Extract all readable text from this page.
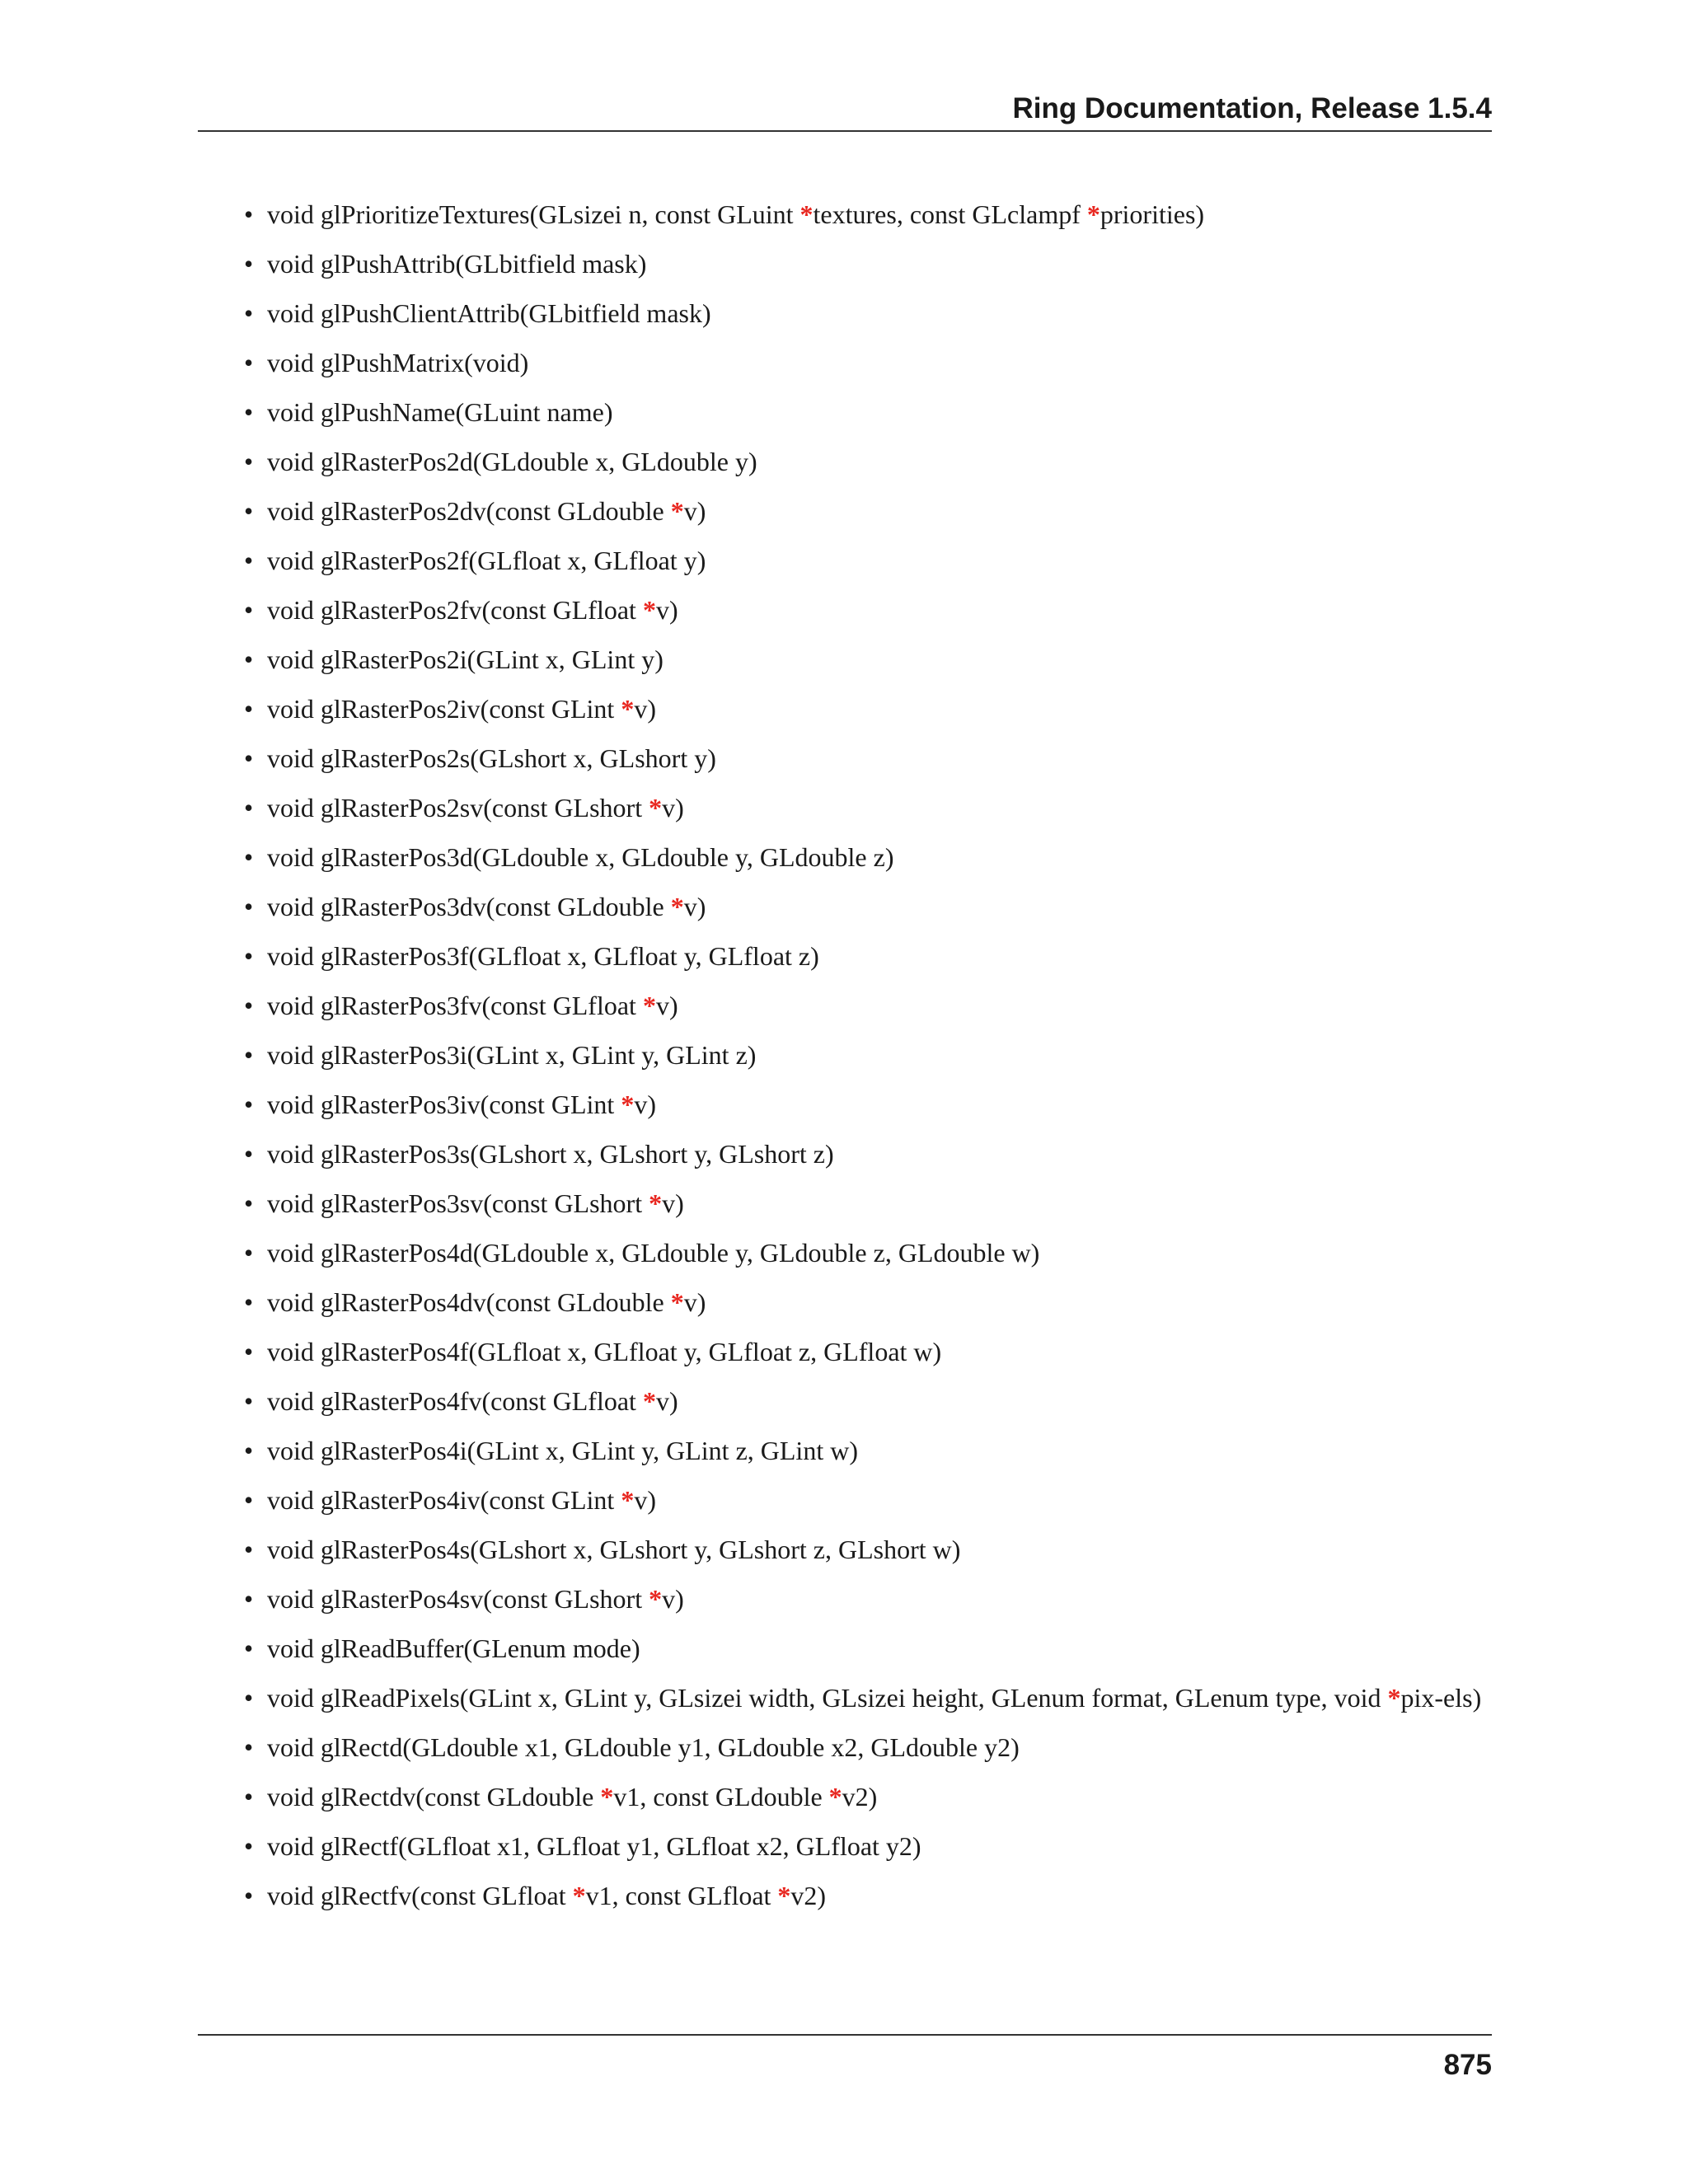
Ring Documentation, Release 1.5.4
• void glPrioritizeTextures(GLsizei n, const GLuint *textures, const GLclampf *priorities)
• void glPushAttrib(GLbitfield mask)
• void glPushClientAttrib(GLbitfield mask)
• void glPushMatrix(void)
• void glPushName(GLuint name)
• void glRasterPos2d(GLdouble x, GLdouble y)
• void glRasterPos2dv(const GLdouble *v)
• void glRasterPos2f(GLfloat x, GLfloat y)
• void glRasterPos2fv(const GLfloat *v)
• void glRasterPos2i(GLint x, GLint y)
• void glRasterPos2iv(const GLint *v)
• void glRasterPos2s(GLshort x, GLshort y)
• void glRasterPos2sv(const GLshort *v)
• void glRasterPos3d(GLdouble x, GLdouble y, GLdouble z)
• void glRasterPos3dv(const GLdouble *v)
• void glRasterPos3f(GLfloat x, GLfloat y, GLfloat z)
• void glRasterPos3fv(const GLfloat *v)
• void glRasterPos3i(GLint x, GLint y, GLint z)
• void glRasterPos3iv(const GLint *v)
• void glRasterPos3s(GLshort x, GLshort y, GLshort z)
• void glRasterPos3sv(const GLshort *v)
• void glRasterPos4d(GLdouble x, GLdouble y, GLdouble z, GLdouble w)
• void glRasterPos4dv(const GLdouble *v)
• void glRasterPos4f(GLfloat x, GLfloat y, GLfloat z, GLfloat w)
• void glRasterPos4fv(const GLfloat *v)
• void glRasterPos4i(GLint x, GLint y, GLint z, GLint w)
• void glRasterPos4iv(const GLint *v)
• void glRasterPos4s(GLshort x, GLshort y, GLshort z, GLshort w)
• void glRasterPos4sv(const GLshort *v)
• void glReadBuffer(GLenum mode)
• void glReadPixels(GLint x, GLint y, GLsizei width, GLsizei height, GLenum format, GLenum type, void *pix-els)
• void glRectd(GLdouble x1, GLdouble y1, GLdouble x2, GLdouble y2)
• void glRectdv(const GLdouble *v1, const GLdouble *v2)
• void glRectf(GLfloat x1, GLfloat y1, GLfloat x2, GLfloat y2)
• void glRectfv(const GLfloat *v1, const GLfloat *v2)
875
